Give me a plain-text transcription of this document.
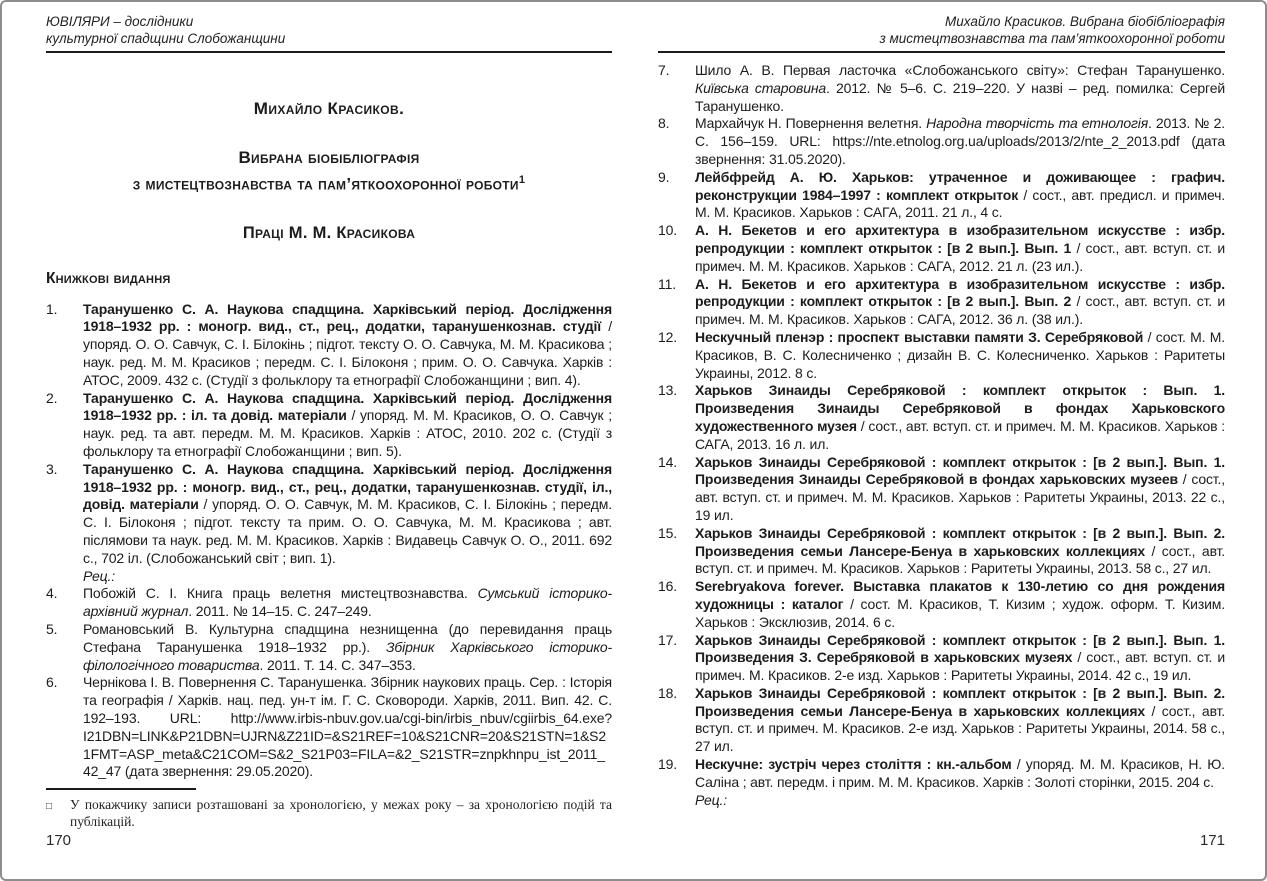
ЮВІЛЯРИ – дослідники
культурної спадщини Слобожанщини
Михайло Красиков.
Вибрана біобібліографія
з мистецтвознавства та пам’яткоохоронної роботи$^1$
Праці М. М. Красикова
Книжкові видання
1.	Таранушенко С. А. Наукова спадщина. Харківський період. Дослідження 1918–1932 рр. : моногр. вид., ст., рец., додатки, таранушенкознав. студії / упоряд. О. О. Савчук, С. І. Білокінь ; підгот. тексту О. О. Савчука, М. М. Красикова ; наук. ред. М. М. Красиков ; передм. С. І. Білоконя ; прим. О. О. Савчука. Харків : АТОС, 2009. 432 с. (Студії з фольклору та етнографії Слобожанщини ; вип. 4).
2.	Таранушенко С. А. Наукова спадщина. Харківський період. Дослідження 1918–1932 рр. : іл. та довід. матеріали / упоряд. М. М. Красиков, О. О. Савчук ; наук. ред. та авт. передм. М. М. Красиков. Харків : АТОС, 2010. 202 с. (Студії з фольклору та етнографії Слобожанщини ; вип. 5).
3.	Таранушенко С. А. Наукова спадщина. Харківський період. Дослідження 1918–1932 рр. : моногр. вид., ст., рец., додатки, таранушенкознав. студії, іл., довід. матеріали / упоряд. О. О. Савчук, М. М. Красиков, С. І. Білокінь ; передм. С. І. Білоконя ; підгот. тексту та прим. О. О. Савчука, М. М. Красикова ; авт. післямови та наук. ред. М. М. Красиков. Харків : Видавець Савчук О. О., 2011. 692 с., 702 іл. (Слобожанський світ ; вип. 1).
Рец.:
4.	Побожій С. І. Книга праць велетня мистецтвознавства. Сумський історико-архівний журнал. 2011. № 14–15. С. 247–249.
5.	Романовський В. Культурна спадщина незнищенна (до перевидання праць Стефана Таранушенка 1918–1932 рр.). Збірник Харківського історико-філологічного товариства. 2011. Т. 14. С. 347–353.
6.	Чернікова І. В. Повернення С. Таранушенка. Збірник наукових праць. Сер. : Історія та географія / Харків. нац. пед. ун-т ім. Г. С. Сковороди. Харків, 2011. Вип. 42. С. 192–193. URL: http://www.irbis-nbuv.gov.ua/cgi-bin/irbis_nbuv/cgiirbis_64.exe?I21DBN=LINK&P21DBN=UJRN&Z21ID=&S21REF=10&S21CNR=20&S21STN=1&S21FMT=ASP_meta&C21COM=S&2_S21P03=FILA=&2_S21STR=znpkhnpu_ist_2011_42_47 (дата звернення: 29.05.2020).
□	У покажчику записи розташовані за хронологією, у межах року – за хронологією подій та публікацій.
170
Михайло Красиков. Вибрана біобібліографія
з мистецтвознавства та пам’яткоохоронної роботи
7.	Шило А. В. Первая ласточка «Слобожанського світу»: Стефан Таранушенко. Київська старовина. 2012. № 5–6. С. 219–220. У назві – ред. помилка: Сергей Таранушенко.
8.	Мархайчук Н. Повернення велетня. Народна творчість та етнологія. 2013. № 2. С. 156–159. URL: https://nte.etnolog.org.ua/uploads/2013/2/nte_2_2013.pdf (дата звернення: 31.05.2020).
9.	Лейбфрейд А. Ю. Харьков: утраченное и доживающее : графич. реконструкции 1984–1997 : комплект открыток / сост., авт. предисл. и примеч. М. М. Красиков. Харьков : САГА, 2011. 21 л., 4 с.
10.	А. Н. Бекетов и его архитектура в изобразительном искусстве : избр. репродукции : комплект открыток : [в 2 вып.]. Вып. 1 / сост., авт. вступ. ст. и примеч. М. М. Красиков. Харьков : САГА, 2012. 21 л. (23 ил.).
11.	А. Н. Бекетов и его архитектура в изобразительном искусстве : избр. репродукции : комплект открыток : [в 2 вып.]. Вып. 2 / сост., авт. вступ. ст. и примеч. М. М. Красиков. Харьков : САГА, 2012. 36 л. (38 ил.).
12.	Нескучный пленэр : проспект выставки памяти З. Серебряковой / сост. М. М. Красиков, В. С. Колесниченко ; дизайн В. С. Колесниченко. Харьков : Раритеты Украины, 2012. 8 с.
13.	Харьков Зинаиды Серебряковой : комплект открыток : Вып. 1. Произведения Зинаиды Серебряковой в фондах Харьковского художественного музея / сост., авт. вступ. ст. и примеч. М. М. Красиков. Харьков : САГА, 2013. 16 л. ил.
14.	Харьков Зинаиды Серебряковой : комплект открыток : [в 2 вып.]. Вып. 1. Произведения Зинаиды Серебряковой в фондах харьковских музеев / сост., авт. вступ. ст. и примеч. М. М. Красиков. Харьков : Раритеты Украины, 2013. 22 с., 19 ил.
15.	Харьков Зинаиды Серебряковой : комплект открыток : [в 2 вып.]. Вып. 2. Произведения семьи Лансере-Бенуа в харьковских коллекциях / сост., авт. вступ. ст. и примеч. М. Красиков. Харьков : Раритеты Украины, 2013. 58 с., 27 ил.
16.	Serebryakova forever. Выставка плакатов к 130-летию со дня рождения художницы : каталог / сост. М. Красиков, Т. Кизим ; худож. оформ. Т. Кизим. Харьков : Эксклюзив, 2014. 6 с.
17.	Харьков Зинаиды Серебряковой : комплект открыток : [в 2 вып.]. Вып. 1. Произведения З. Серебряковой в харьковских музеях / сост., авт. вступ. ст. и примеч. М. Красиков. 2-е изд. Харьков : Раритеты Украины, 2014. 42 с., 19 ил.
18.	Харьков Зинаиды Серебряковой : комплект открыток : [в 2 вып.]. Вып. 2. Произведения семьи Лансере-Бенуа в харьковских коллекциях / сост., авт. вступ. ст. и примеч. М. Красиков. 2-е изд. Харьков : Раритеты Украины, 2014. 58 с., 27 ил.
19.	Нескучне: зустріч через століття : кн.-альбом / упоряд. М. М. Красиков, Н. Ю. Саліна ; авт. передм. і прим. М. М. Красиков. Харків : Золоті сторінки, 2015. 204 с.
Рец.:
171
